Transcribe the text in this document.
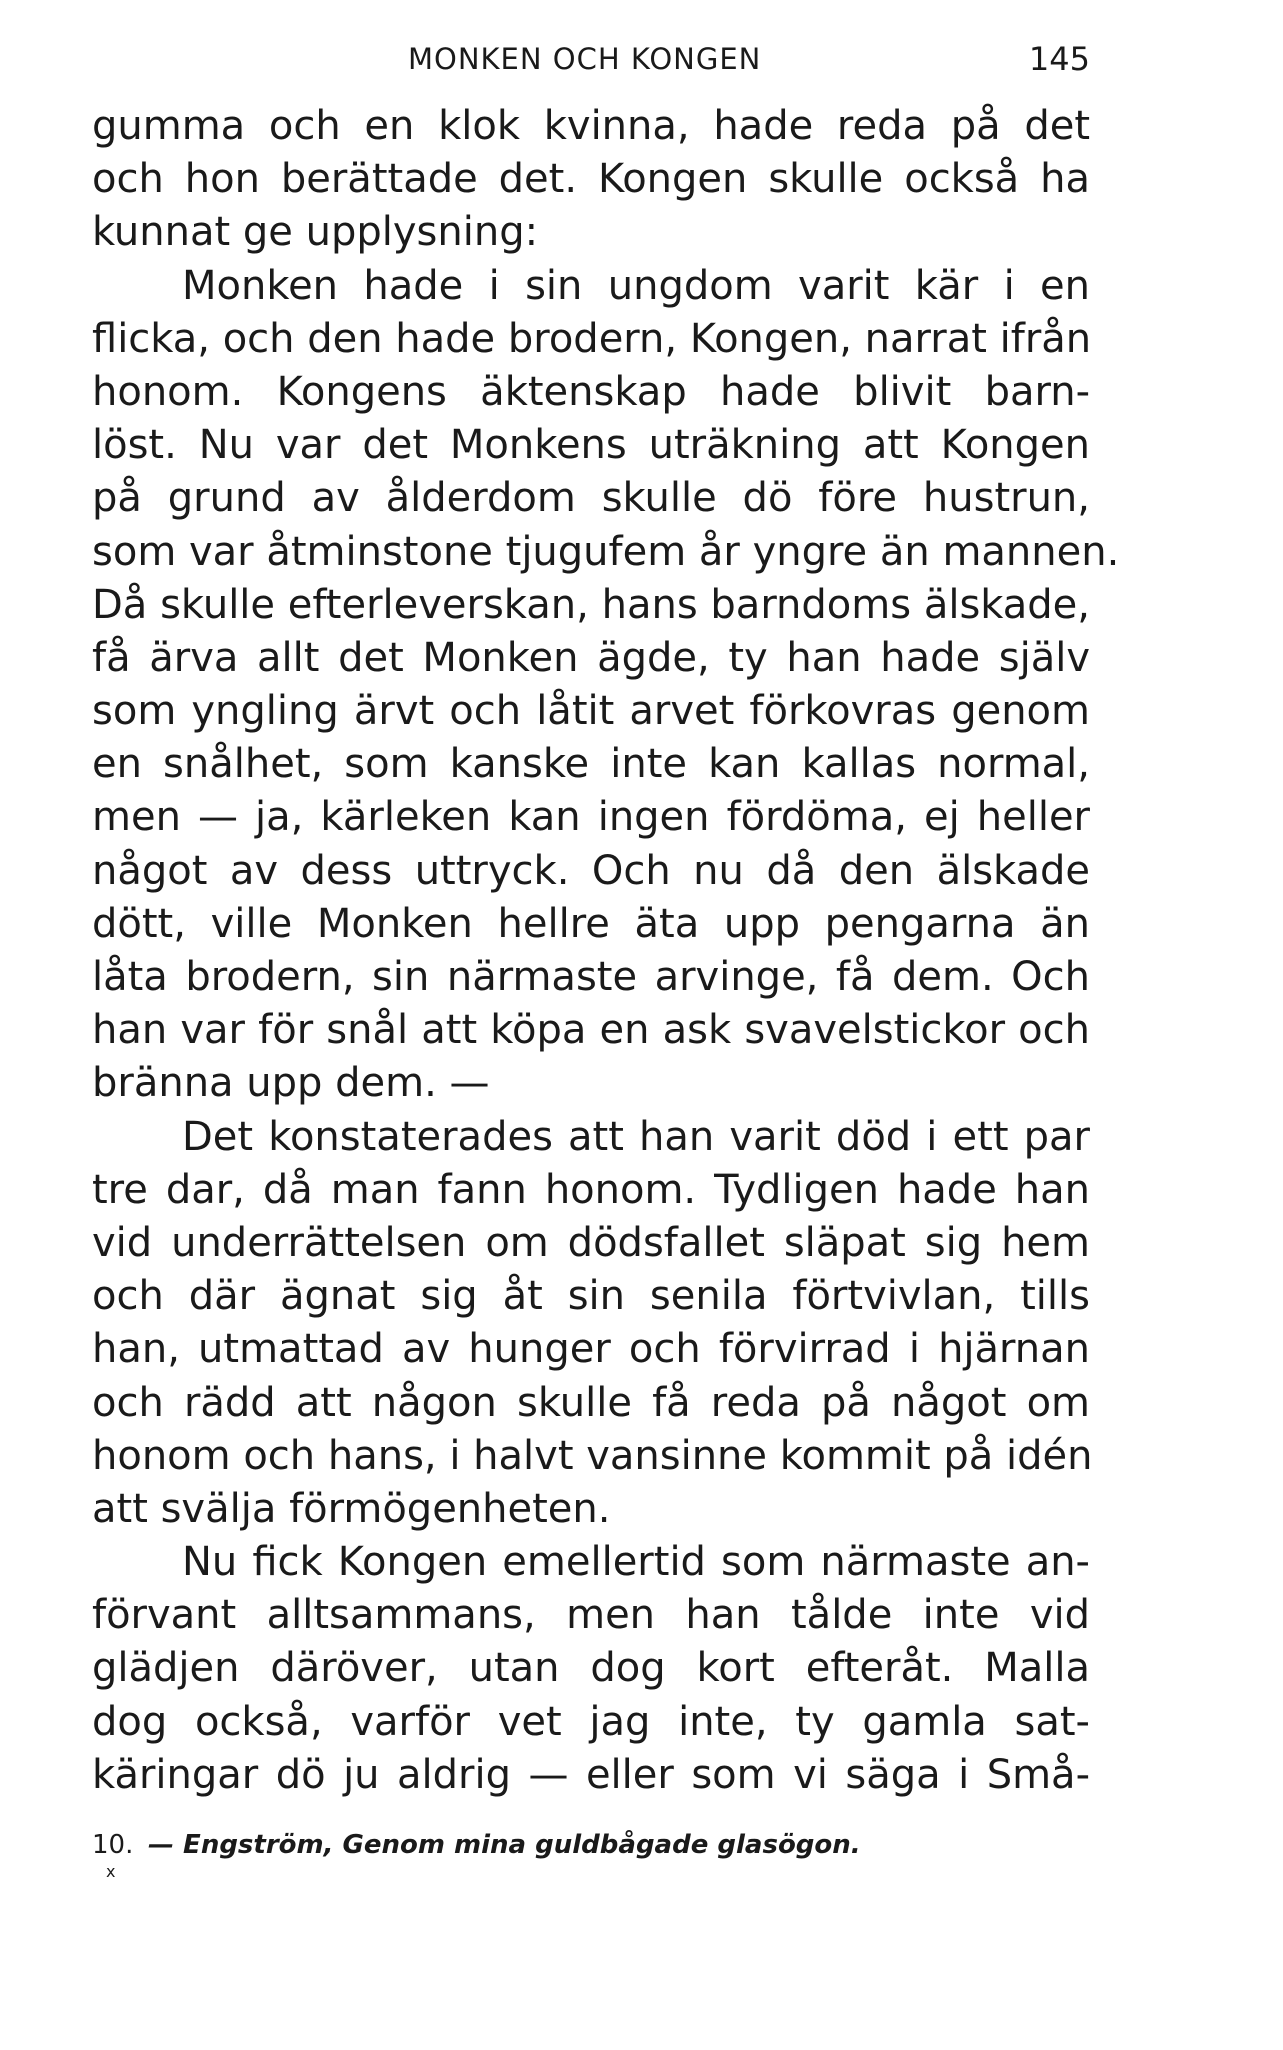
MONKEN OCH KONGEN	145
gumma och en klok kvinna, hade reda på det
och hon berättade det. Kongen skulle också ha
kunnat ge upplysning:
Monken hade i sin ungdom varit kär i en
flicka, och den hade brodern, Kongen, narrat ifrån
honom. Kongens äktenskap hade blivit barn-
löst. Nu var det Monkens uträkning att Kongen
på grund av ålderdom skulle dö före hustrun,
som var åtminstone tjugufem år yngre än mannen.
Då skulle efterleverskan, hans barndoms älskade,
få ärva allt det Monken ägde, ty han hade själv
som yngling ärvt och låtit arvet förkovras genom
en snålhet, som kanske inte kan kallas normal,
men — ja, kärleken kan ingen fördöma, ej heller
något av dess uttryck. Och nu då den älskade
dött, ville Monken hellre äta upp pengarna än
låta brodern, sin närmaste arvinge, få dem. Och
han var för snål att köpa en ask svavelstickor och
bränna upp dem. —
Det konstaterades att han varit död i ett par
tre dar, då man fann honom. Tydligen hade han
vid underrättelsen om dödsfallet släpat sig hem
och där ägnat sig åt sin senila förtvivlan, tills
han, utmattad av hunger och förvirrad i hjärnan
och rädd att någon skulle få reda på något om
honom och hans, i halvt vansinne kommit på idén
att svälja förmögenheten.
Nu fick Kongen emellertid som närmaste an-
förvant alltsammans, men han tålde inte vid
glädjen däröver, utan dog kort efteråt. Malla
dog också, varför vet jag inte, ty gamla sat-
käringar dö ju aldrig — eller som vi säga i Små-
10. — Engström, Genom mina guldbågade glasögon.
x
